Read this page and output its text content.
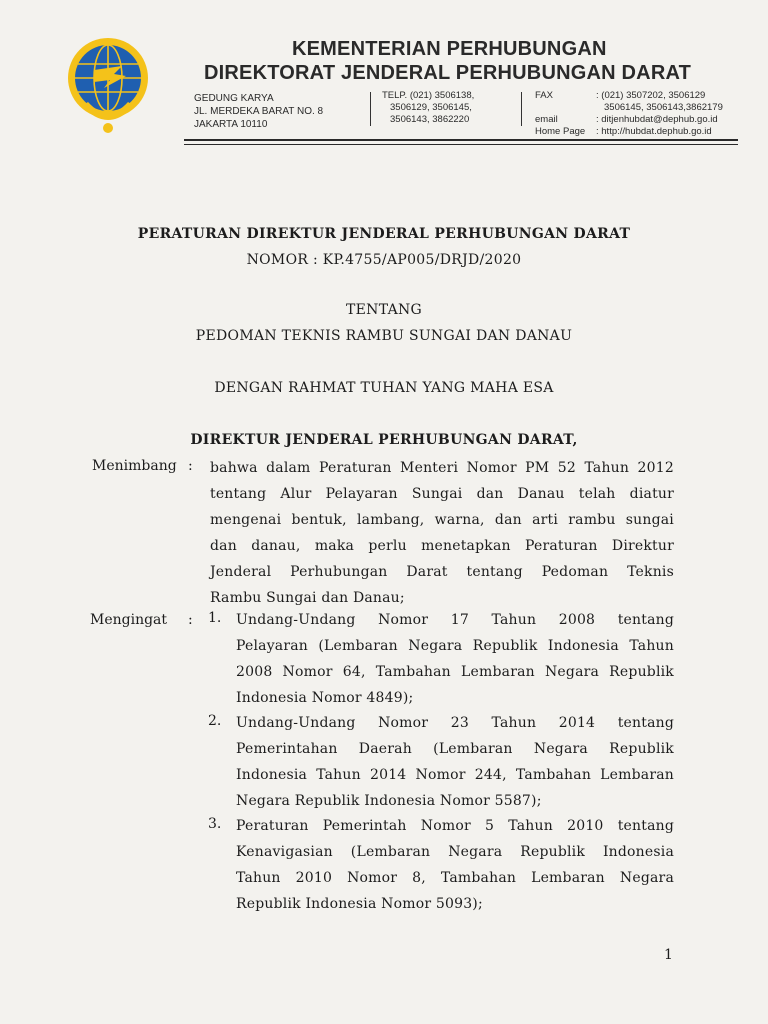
KEMENTERIAN PERHUBUNGAN
DIREKTORAT JENDERAL PERHUBUNGAN DARAT
GEDUNG KARYA
JL. MERDEKA BARAT NO. 8
JAKARTA 10110
TELP. (021) 3506138,
3506129, 3506145,
3506143, 3862220
FAX
email
Home Page
: (021) 3507202, 3506129
3506145, 3506143,3862179
: ditjenhubdat@dephub.go.id
: http://hubdat.dephub.go.id
PERATURAN DIREKTUR JENDERAL PERHUBUNGAN DARAT
NOMOR : KP.4755/AP005/DRJD/2020
TENTANG
PEDOMAN TEKNIS RAMBU SUNGAI DAN DANAU
DENGAN RAHMAT TUHAN YANG MAHA ESA
DIREKTUR JENDERAL PERHUBUNGAN DARAT,
Menimbang : bahwa dalam Peraturan Menteri Nomor PM 52 Tahun 2012
tentang Alur Pelayaran Sungai dan Danau telah diatur
mengenai bentuk, lambang, warna, dan arti rambu sungai
dan danau, maka perlu menetapkan Peraturan Direktur
Jenderal Perhubungan Darat tentang Pedoman Teknis
Rambu Sungai dan Danau;
Mengingat : 1. Undang-Undang Nomor 17 Tahun 2008 tentang
Pelayaran (Lembaran Negara Republik Indonesia Tahun
2008 Nomor 64, Tambahan Lembaran Negara Republik
Indonesia Nomor 4849);
2. Undang-Undang Nomor 23 Tahun 2014 tentang
Pemerintahan Daerah (Lembaran Negara Republik
Indonesia Tahun 2014 Nomor 244, Tambahan Lembaran
Negara Republik Indonesia Nomor 5587);
3. Peraturan Pemerintah Nomor 5 Tahun 2010 tentang
Kenavigasian (Lembaran Negara Republik Indonesia
Tahun 2010 Nomor 8, Tambahan Lembaran Negara
Republik Indonesia Nomor 5093);
1
